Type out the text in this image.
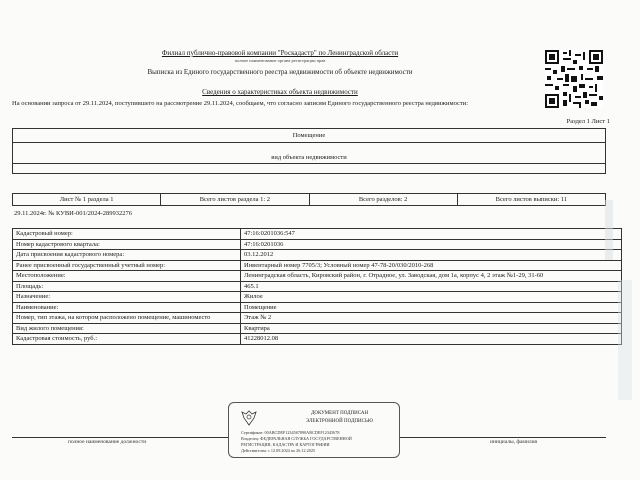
Филиал публично-правовой компании "Роскадастр" по Ленинградской области
полное наименование органа регистрации прав
Выписка из Единого государственного реестра недвижимости об объекте недвижимости
Сведения о характеристиках объекта недвижимости
На основании запроса от 29.11.2024, поступившего на рассмотрение 29.11.2024, сообщаем, что согласно записям Единого государственного реестра недвижимости:
Раздел 1 Лист 1
Помещение
вид объекта недвижимости
Лист № 1 раздела 1	Всего листов раздела 1: 2	Всего разделов: 2	Всего листов выписки: 11
29.11.2024г. № КУВИ-001/2024-289932276
Кадастровый номер:	47:16:0201036:547
Номер кадастрового квартала:	47:16:0201036
Дата присвоения кадастрового номера:	03.12.2012
Ранее присвоенный государственный учетный номер:	Инвентарный номер 7705/3; Условный номер 47-78-20/030/2010-268
Местоположение:	Ленинградская область, Кировский район, г. Отрадное, ул. Заводская, дом 1а, корпус 4, 2 этаж №1-29, 31-60
Площадь:	465.1
Назначение:	Жилое
Наименование:	Помещение
Номер, тип этажа, на котором расположено помещение, машиноместо	Этаж № 2
Вид жилого помещения:	Квартира
Кадастровая стоимость, руб.:	41228012.08
полное наименование должности	инициалы, фамилия
ДОКУМЕНТ ПОДПИСАН
ЭЛЕКТРОННОЙ ПОДПИСЬЮ
Сертификат: 00ABCDEF1234567890ABCDEF12345678
Владелец: ФЕДЕРАЛЬНАЯ СЛУЖБА ГОСУДАРСТВЕННОЙ
РЕГИСТРАЦИИ, КАДАСТРА И КАРТОГРАФИИ
Действителен: с 12.09.2024 по 26.12.2025
